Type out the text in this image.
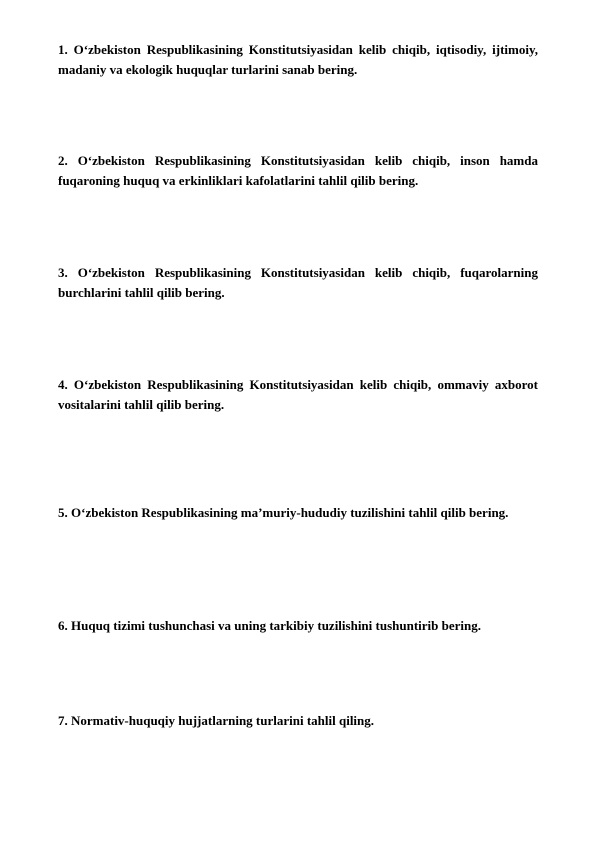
1. O‘zbekiston Respublikasining Konstitutsiyasidan kelib chiqib, iqtisodiy, ijtimoiy, madaniy va ekologik huquqlar turlarini sanab bering.

2. O‘zbekiston Respublikasining Konstitutsiyasidan kelib chiqib, inson hamda fuqaroning huquq va erkinliklari kafolatlarini tahlil qilib bering.

3. O‘zbekiston Respublikasining Konstitutsiyasidan kelib chiqib, fuqarolarning burchlarini tahlil qilib bering.

4. O‘zbekiston Respublikasining Konstitutsiyasidan kelib chiqib, ommaviy axborot vositalarini tahlil qilib bering.

5. O‘zbekiston Respublikasining ma’muriy-hududiy tuzilishini tahlil qilib bering.

6. Huquq tizimi tushunchasi va uning tarkibiy tuzilishini tushuntirib bering.

7. Normativ-huquqiy hujjatlarning turlarini tahlil qiling.
